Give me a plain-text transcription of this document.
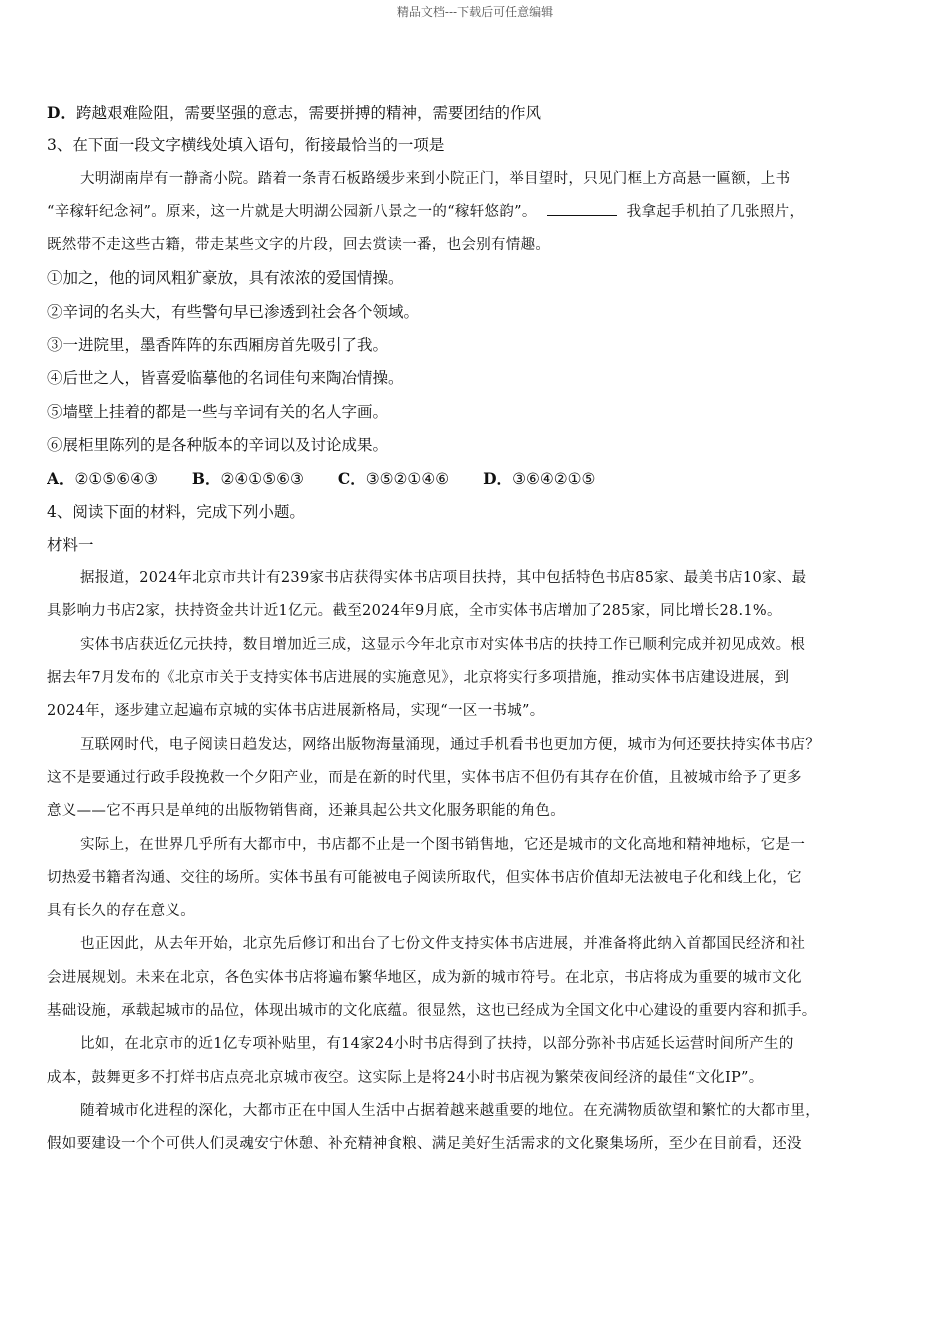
精品文档---下载后可任意编辑
D．跨越艰难险阻，需要坚强的意志，需要拼搏的精神，需要团结的作风
3、在下面一段文字横线处填入语句，衔接最恰当的一项是
大明湖南岸有一静斋小院。踏着一条青石板路缓步来到小院正门，举目望时，只见门框上方高悬一匾额，上书
“辛稼轩纪念祠”。原来，这一片就是大明湖公园新八景之一的“稼轩悠韵”。	我拿起手机拍了几张照片，
既然带不走这些古籍，带走某些文字的片段，回去赏读一番，也会别有情趣。
①加之，他的词风粗犷豪放，具有浓浓的爱国情操。
②辛词的名头大，有些警句早已渗透到社会各个领域。
③一进院里，墨香阵阵的东西厢房首先吸引了我。
④后世之人，皆喜爱临摹他的名词佳句来陶冶情操。
⑤墙壁上挂着的都是一些与辛词有关的名人字画。
⑥展柜里陈列的是各种版本的辛词以及讨论成果。
A．②①⑤⑥④③ B．②④①⑤⑥③ C．③⑤②①④⑥ D．③⑥④②①⑤
4、阅读下面的材料，完成下列小题。
材料一
据报道，2024年北京市共计有239家书店获得实体书店项目扶持，其中包括特色书店85家、最美书店10家、最
具影响力书店2家，扶持资金共计近1亿元。截至2024年9月底，全市实体书店增加了285家，同比增长28.1%。
实体书店获近亿元扶持，数目增加近三成，这显示今年北京市对实体书店的扶持工作已顺利完成并初见成效。根
据去年7月发布的《北京市关于支持实体书店进展的实施意见》，北京将实行多项措施，推动实体书店建设进展，到
2024年，逐步建立起遍布京城的实体书店进展新格局，实现“一区一书城”。
互联网时代，电子阅读日趋发达，网络出版物海量涌现，通过手机看书也更加方便，城市为何还要扶持实体书店？
这不是要通过行政手段挽救一个夕阳产业，而是在新的时代里，实体书店不但仍有其存在价值，且被城市给予了更多
意义——它不再只是单纯的出版物销售商，还兼具起公共文化服务职能的角色。
实际上，在世界几乎所有大都市中，书店都不止是一个图书销售地，它还是城市的文化高地和精神地标，它是一
切热爱书籍者沟通、交往的场所。实体书虽有可能被电子阅读所取代，但实体书店价值却无法被电子化和线上化，它
具有长久的存在意义。
也正因此，从去年开始，北京先后修订和出台了七份文件支持实体书店进展，并准备将此纳入首都国民经济和社
会进展规划。未来在北京，各色实体书店将遍布繁华地区，成为新的城市符号。在北京，书店将成为重要的城市文化
基础设施，承载起城市的品位，体现出城市的文化底蕴。很显然，这也已经成为全国文化中心建设的重要内容和抓手。
比如，在北京市的近1亿专项补贴里，有14家24小时书店得到了扶持，以部分弥补书店延长运营时间所产生的
成本，鼓舞更多不打烊书店点亮北京城市夜空。这实际上是将24小时书店视为繁荣夜间经济的最佳“文化IP”。
随着城市化进程的深化，大都市正在中国人生活中占据着越来越重要的地位。在充满物质欲望和繁忙的大都市里，
假如要建设一个个可供人们灵魂安宁休憩、补充精神食粮、满足美好生活需求的文化聚集场所，至少在目前看，还没
